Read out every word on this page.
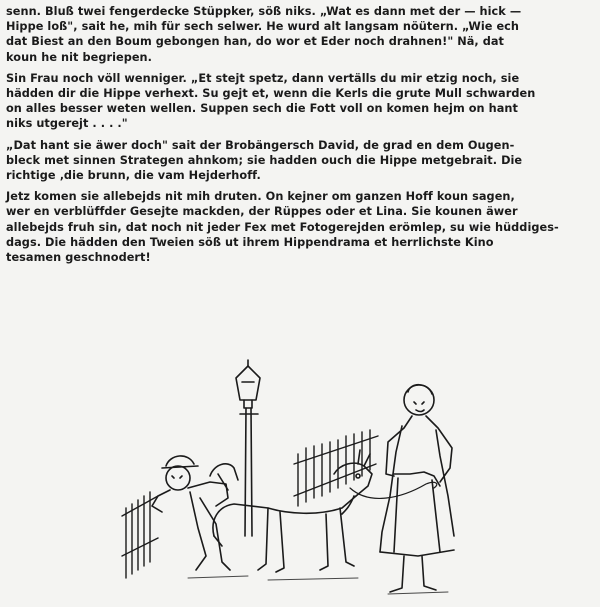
senn. Bluß twei fengerdecke Stüppker, söß niks. „Wat es dann met der — hick —
Hippe loß", sait he, mih für sech selwer. He wurd alt langsam nöütern. „Wie ech
dat Biest an den Boum gebongen han, do wor et Eder noch drahnen!" Nä, dat
koun he nit begriepen.

Sin Frau noch völl wenniger. „Et stejt spetz, dann vertälls du mir etzig noch, sie
hädden dir die Hippe verhext. Su gejt et, wenn die Kerls die grute Mull schwarden
on alles besser weten wellen. Suppen sech die Fott voll on komen hejm on hant
niks utgerejt . . . ."

„Dat hant sie äwer doch" sait der Brobängersch David, de grad en dem Ougen-
bleck met sinnen Strategen ahnkom; sie hadden ouch die Hippe metgebrait. Die
richtige ‚die brunn, die vam Hejderhoff.

Jetz komen sie allebejds nit mih druten. On kejner om ganzen Hoff koun sagen,
wer en verblüffder Gesejte mackden, der Rüppes oder et Lina. Sie kounen äwer
allebejds fruh sin, dat noch nit jeder Fex met Fotogerejden erömlep, su wie hüddiges-
dags. Die hädden den Tweien söß ut ihrem Hippendrama et herrlichste Kino
tesamen geschnodert!
